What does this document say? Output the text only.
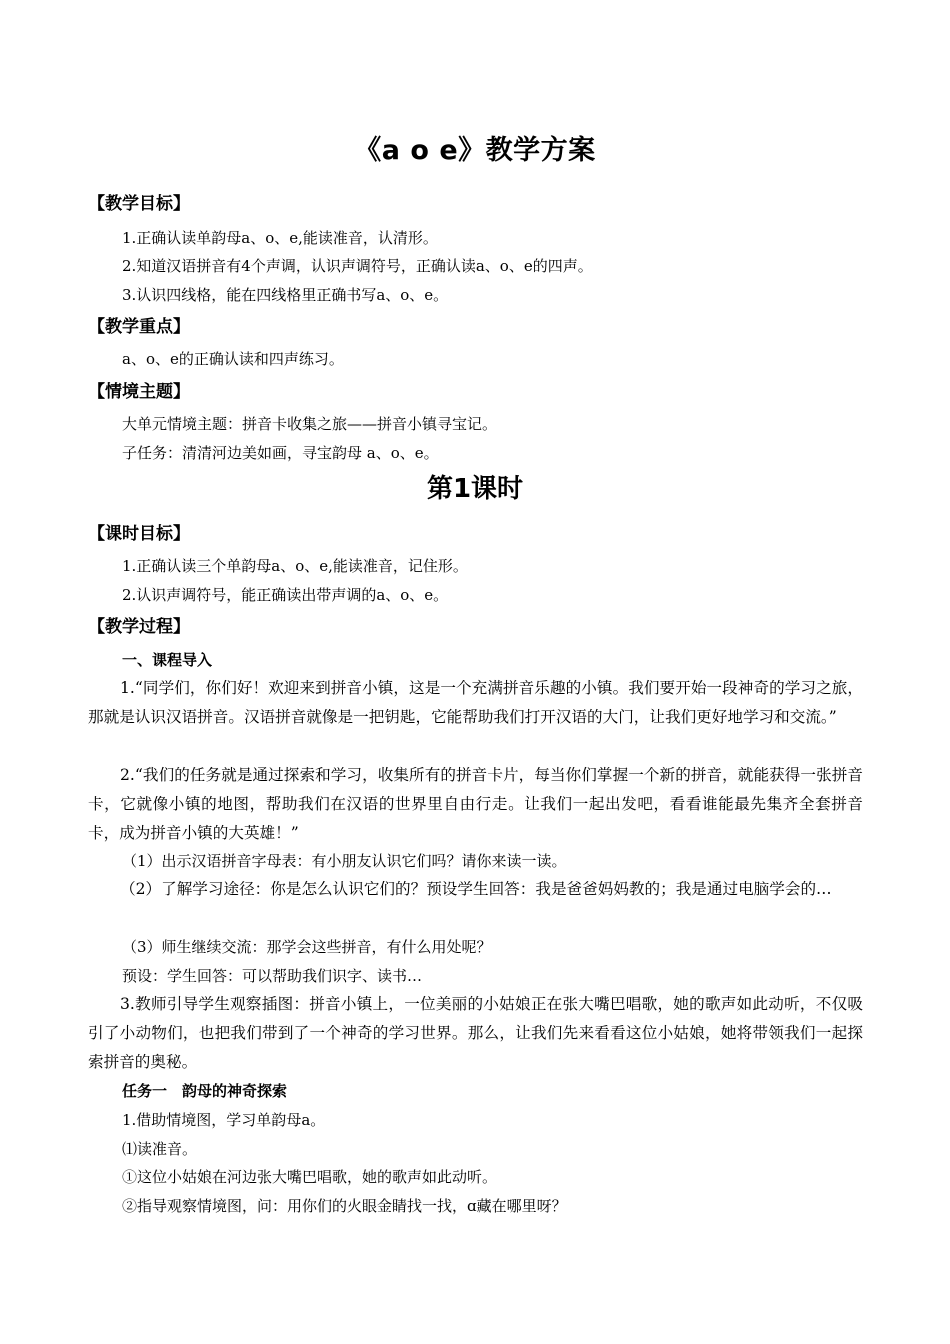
《a o e》教学方案
【教学目标】
1.正确认读单韵母a、o、e,能读准音，认清形。
2.知道汉语拼音有4个声调，认识声调符号，正确认读a、o、e的四声。
3.认识四线格，能在四线格里正确书写a、o、e。
【教学重点】
a、o、e的正确认读和四声练习。
【情境主题】
大单元情境主题：拼音卡收集之旅——拼音小镇寻宝记。
子任务：清清河边美如画，寻宝韵母 a、o、e。
第1课时
【课时目标】
1.正确认读三个单韵母a、o、e,能读准音，记住形。
2.认识声调符号，能正确读出带声调的a、o、e。
【教学过程】
一、课程导入
1.“同学们，你们好！欢迎来到拼音小镇，这是一个充满拼音乐趣的小镇。我们要开始一段神奇的学习之旅，那就是认识汉语拼音。汉语拼音就像是一把钥匙，它能帮助我们打开汉语的大门，让我们更好地学习和交流。”
2.“我们的任务就是通过探索和学习，收集所有的拼音卡片，每当你们掌握一个新的拼音，就能获得一张拼音卡，它就像小镇的地图，帮助我们在汉语的世界里自由行走。让我们一起出发吧，看看谁能最先集齐全套拼音卡，成为拼音小镇的大英雄！”
（1）出示汉语拼音字母表：有小朋友认识它们吗？请你来读一读。
（2）了解学习途径：你是怎么认识它们的？预设学生回答：我是爸爸妈妈教的；我是通过电脑学会的…
（3）师生继续交流：那学会这些拼音，有什么用处呢？
预设：学生回答：可以帮助我们识字、读书…
3.教师引导学生观察插图：拼音小镇上，一位美丽的小姑娘正在张大嘴巴唱歌，她的歌声如此动听，不仅吸引了小动物们，也把我们带到了一个神奇的学习世界。那么，让我们先来看看这位小姑娘，她将带领我们一起探索拼音的奥秘。
任务一　韵母的神奇探索
1.借助情境图，学习单韵母a。
⑴读准音。
①这位小姑娘在河边张大嘴巴唱歌，她的歌声如此动听。
②指导观察情境图，问：用你们的火眼金睛找一找，ɑ藏在哪里呀？
